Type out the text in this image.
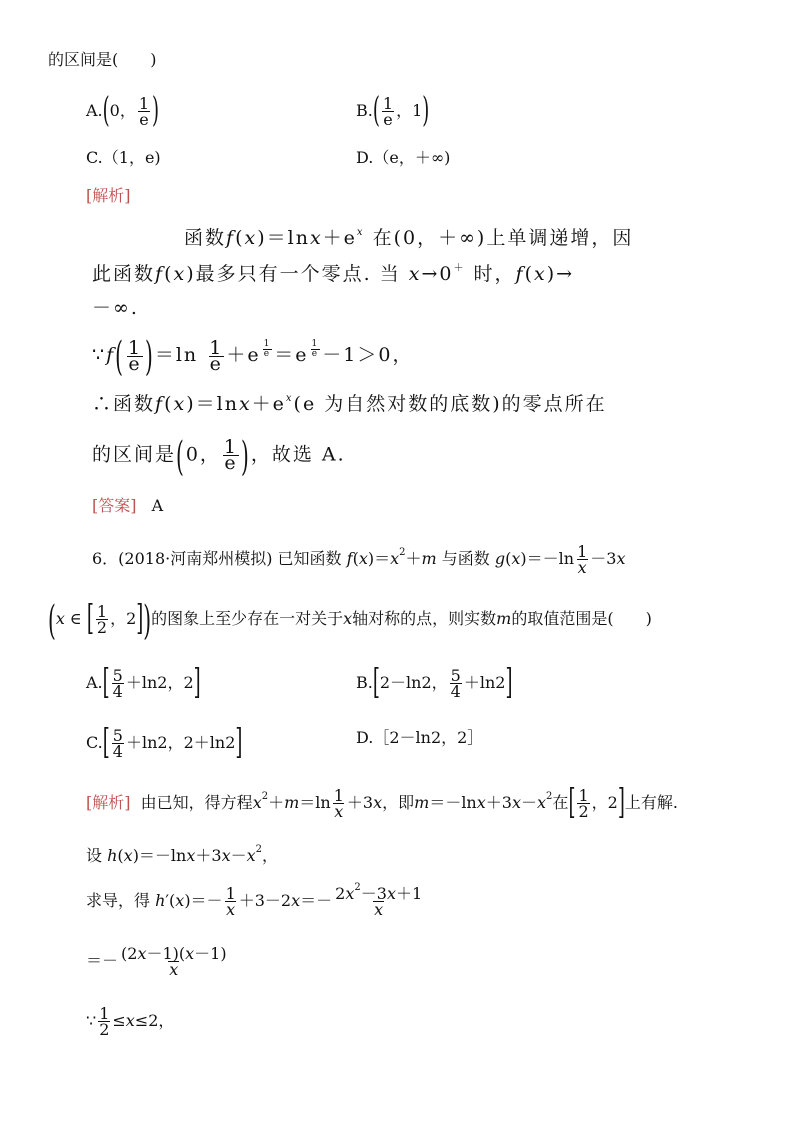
的区间是(　　)
A.(0， $\frac{1}{e}$ )	$B.( \frac{1}{e}$ ，1)
C.（1，e)	D.（e，＋∞)
[解析]
函数$f(x)=\ln x+e^x$ 在(0，＋∞)上单调递增，因
此函数f(x)最多只有一个零点. 当 x→0＋ 时，f(x)→
－∞.
∵f( $\frac{1}{e} )=\ln \frac{1}{e} +e$ $^{\frac{1}{e}}$ ＝e $^{\frac{1}{e}}$ －1＞0，
∴函数$f(x)=\ln x+e^x(e$ 为自然对数的底数)的零点所在
的区间是(0， $\frac{1}{e}$ )，故选 A.
[答案] A
6．(2018·河南郑州模拟) 已知函数 $f(x)=x^2+m$ 与函数 $g(x)=-\ln \frac{1}{x} -3x$
(x ∈ [ $\frac{1}{2}$ ，2])的图象上至少存在一对关于x轴对称的点，则实数m的取值范围是(　　)
$A.[ \frac{5}{4} +\ln 2$，2]	B.[2－ln2， $\frac{5}{4} +\ln 2$]
$C.[ \frac{5}{4} +\ln 2$，2＋ln2]	D.［2－ln2，2］
[解析]  由已知，得方程$x^2+m=\ln \frac{1}{x} +3x$，即$m=-\ln x+3x-x^2$在[ $\frac{1}{2}$ ，2]上有解.
设 $h(x)=-\ln x+3x-x^2$，
求导，得 $h'(x)=- \frac{1}{x} +3-2x=- \frac{2x^2-3x+1}{x}$
＝－ $\frac{(2x-1)(x-1)}{x}$
∵ $\frac{1}{2} \le x\le 2$，
